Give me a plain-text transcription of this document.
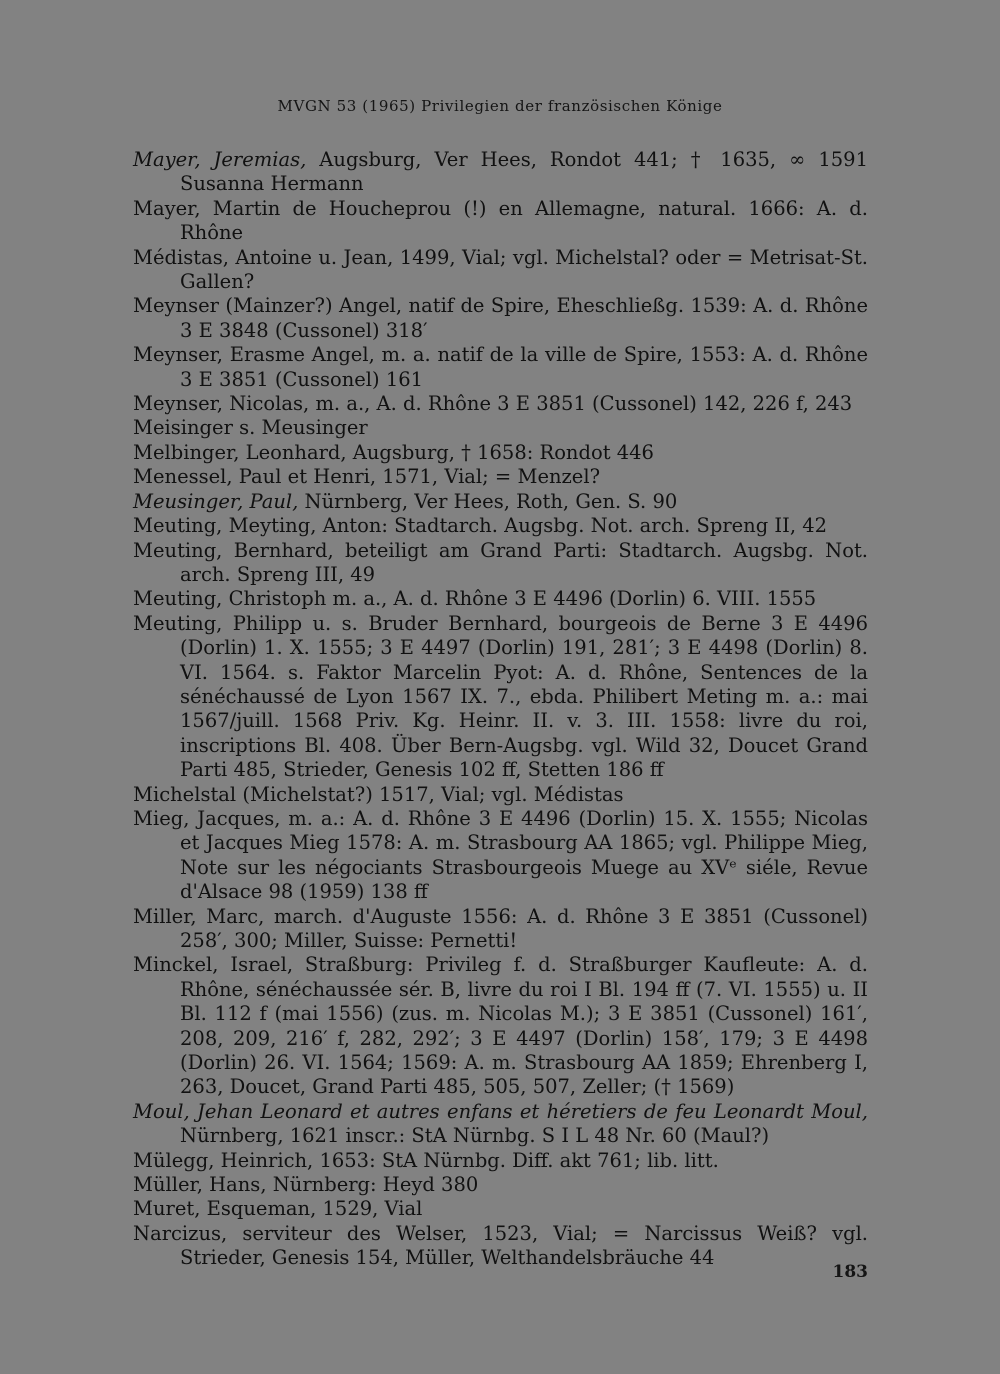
MVGN 53 (1965) Privilegien der französischen Könige

Mayer, Jeremias, Augsburg, Ver Hees, Rondot 441; † 1635, ∞ 1591 Susanna Hermann

Mayer, Martin de Houcheprou (!) en Allemagne, natural. 1666: A. d. Rhône

Médistas, Antoine u. Jean, 1499, Vial; vgl. Michelstal? oder = Metrisat-St. Gallen?

Meynser (Mainzer?) Angel, natif de Spire, Eheschließg. 1539: A. d. Rhône 3 E 3848 (Cussonel) 318′

Meynser, Erasme Angel, m. a. natif de la ville de Spire, 1553: A. d. Rhône 3 E 3851 (Cussonel) 161

Meynser, Nicolas, m. a., A. d. Rhône 3 E 3851 (Cussonel) 142, 226 f, 243

Meisinger s. Meusinger

Melbinger, Leonhard, Augsburg, † 1658: Rondot 446

Menessel, Paul et Henri, 1571, Vial; = Menzel?

Meusinger, Paul, Nürnberg, Ver Hees, Roth, Gen. S. 90

Meuting, Meyting, Anton: Stadtarch. Augsbg. Not. arch. Spreng II, 42

Meuting, Bernhard, beteiligt am Grand Parti: Stadtarch. Augsbg. Not. arch. Spreng III, 49

Meuting, Christoph m. a., A. d. Rhône 3 E 4496 (Dorlin) 6. VIII. 1555

Meuting, Philipp u. s. Bruder Bernhard, bourgeois de Berne 3 E 4496 (Dorlin) 1. X. 1555; 3 E 4497 (Dorlin) 191, 281′; 3 E 4498 (Dorlin) 8. VI. 1564. s. Faktor Marcelin Pyot: A. d. Rhône, Sentences de la sénéchaussé de Lyon 1567 IX. 7., ebda. Philibert Meting m. a.: mai 1567/juill. 1568 Priv. Kg. Heinr. II. v. 3. III. 1558: livre du roi, inscriptions Bl. 408. Über Bern-Augsbg. vgl. Wild 32, Doucet Grand Parti 485, Strieder, Genesis 102 ff, Stetten 186 ff

Michelstal (Michelstat?) 1517, Vial; vgl. Médistas

Mieg, Jacques, m. a.: A. d. Rhône 3 E 4496 (Dorlin) 15. X. 1555; Nicolas et Jacques Mieg 1578: A. m. Strasbourg AA 1865; vgl. Philippe Mieg, Note sur les négociants Strasbourgeois Muege au XVᵉ siéle, Revue d'Alsace 98 (1959) 138 ff

Miller, Marc, march. d'Auguste 1556: A. d. Rhône 3 E 3851 (Cussonel) 258′, 300; Miller, Suisse: Pernetti!

Minckel, Israel, Straßburg: Privileg f. d. Straßburger Kaufleute: A. d. Rhône, sénéchaussée sér. B, livre du roi I Bl. 194 ff (7. VI. 1555) u. II Bl. 112 f (mai 1556) (zus. m. Nicolas M.); 3 E 3851 (Cussonel) 161′, 208, 209, 216′ f, 282, 292′; 3 E 4497 (Dorlin) 158′, 179; 3 E 4498 (Dorlin) 26. VI. 1564; 1569: A. m. Strasbourg AA 1859; Ehrenberg I, 263, Doucet, Grand Parti 485, 505, 507, Zeller; († 1569)

Moul, Jehan Leonard et autres enfans et héretiers de feu Leonardt Moul, Nürnberg, 1621 inscr.: StA Nürnbg. S I L 48 Nr. 60 (Maul?)

Mülegg, Heinrich, 1653: StA Nürnbg. Diff. akt 761; lib. litt.

Müller, Hans, Nürnberg: Heyd 380

Muret, Esqueman, 1529, Vial

Narcizus, serviteur des Welser, 1523, Vial; = Narcissus Weiß? vgl. Strieder, Genesis 154, Müller, Welthandelsbräuche 44

183
